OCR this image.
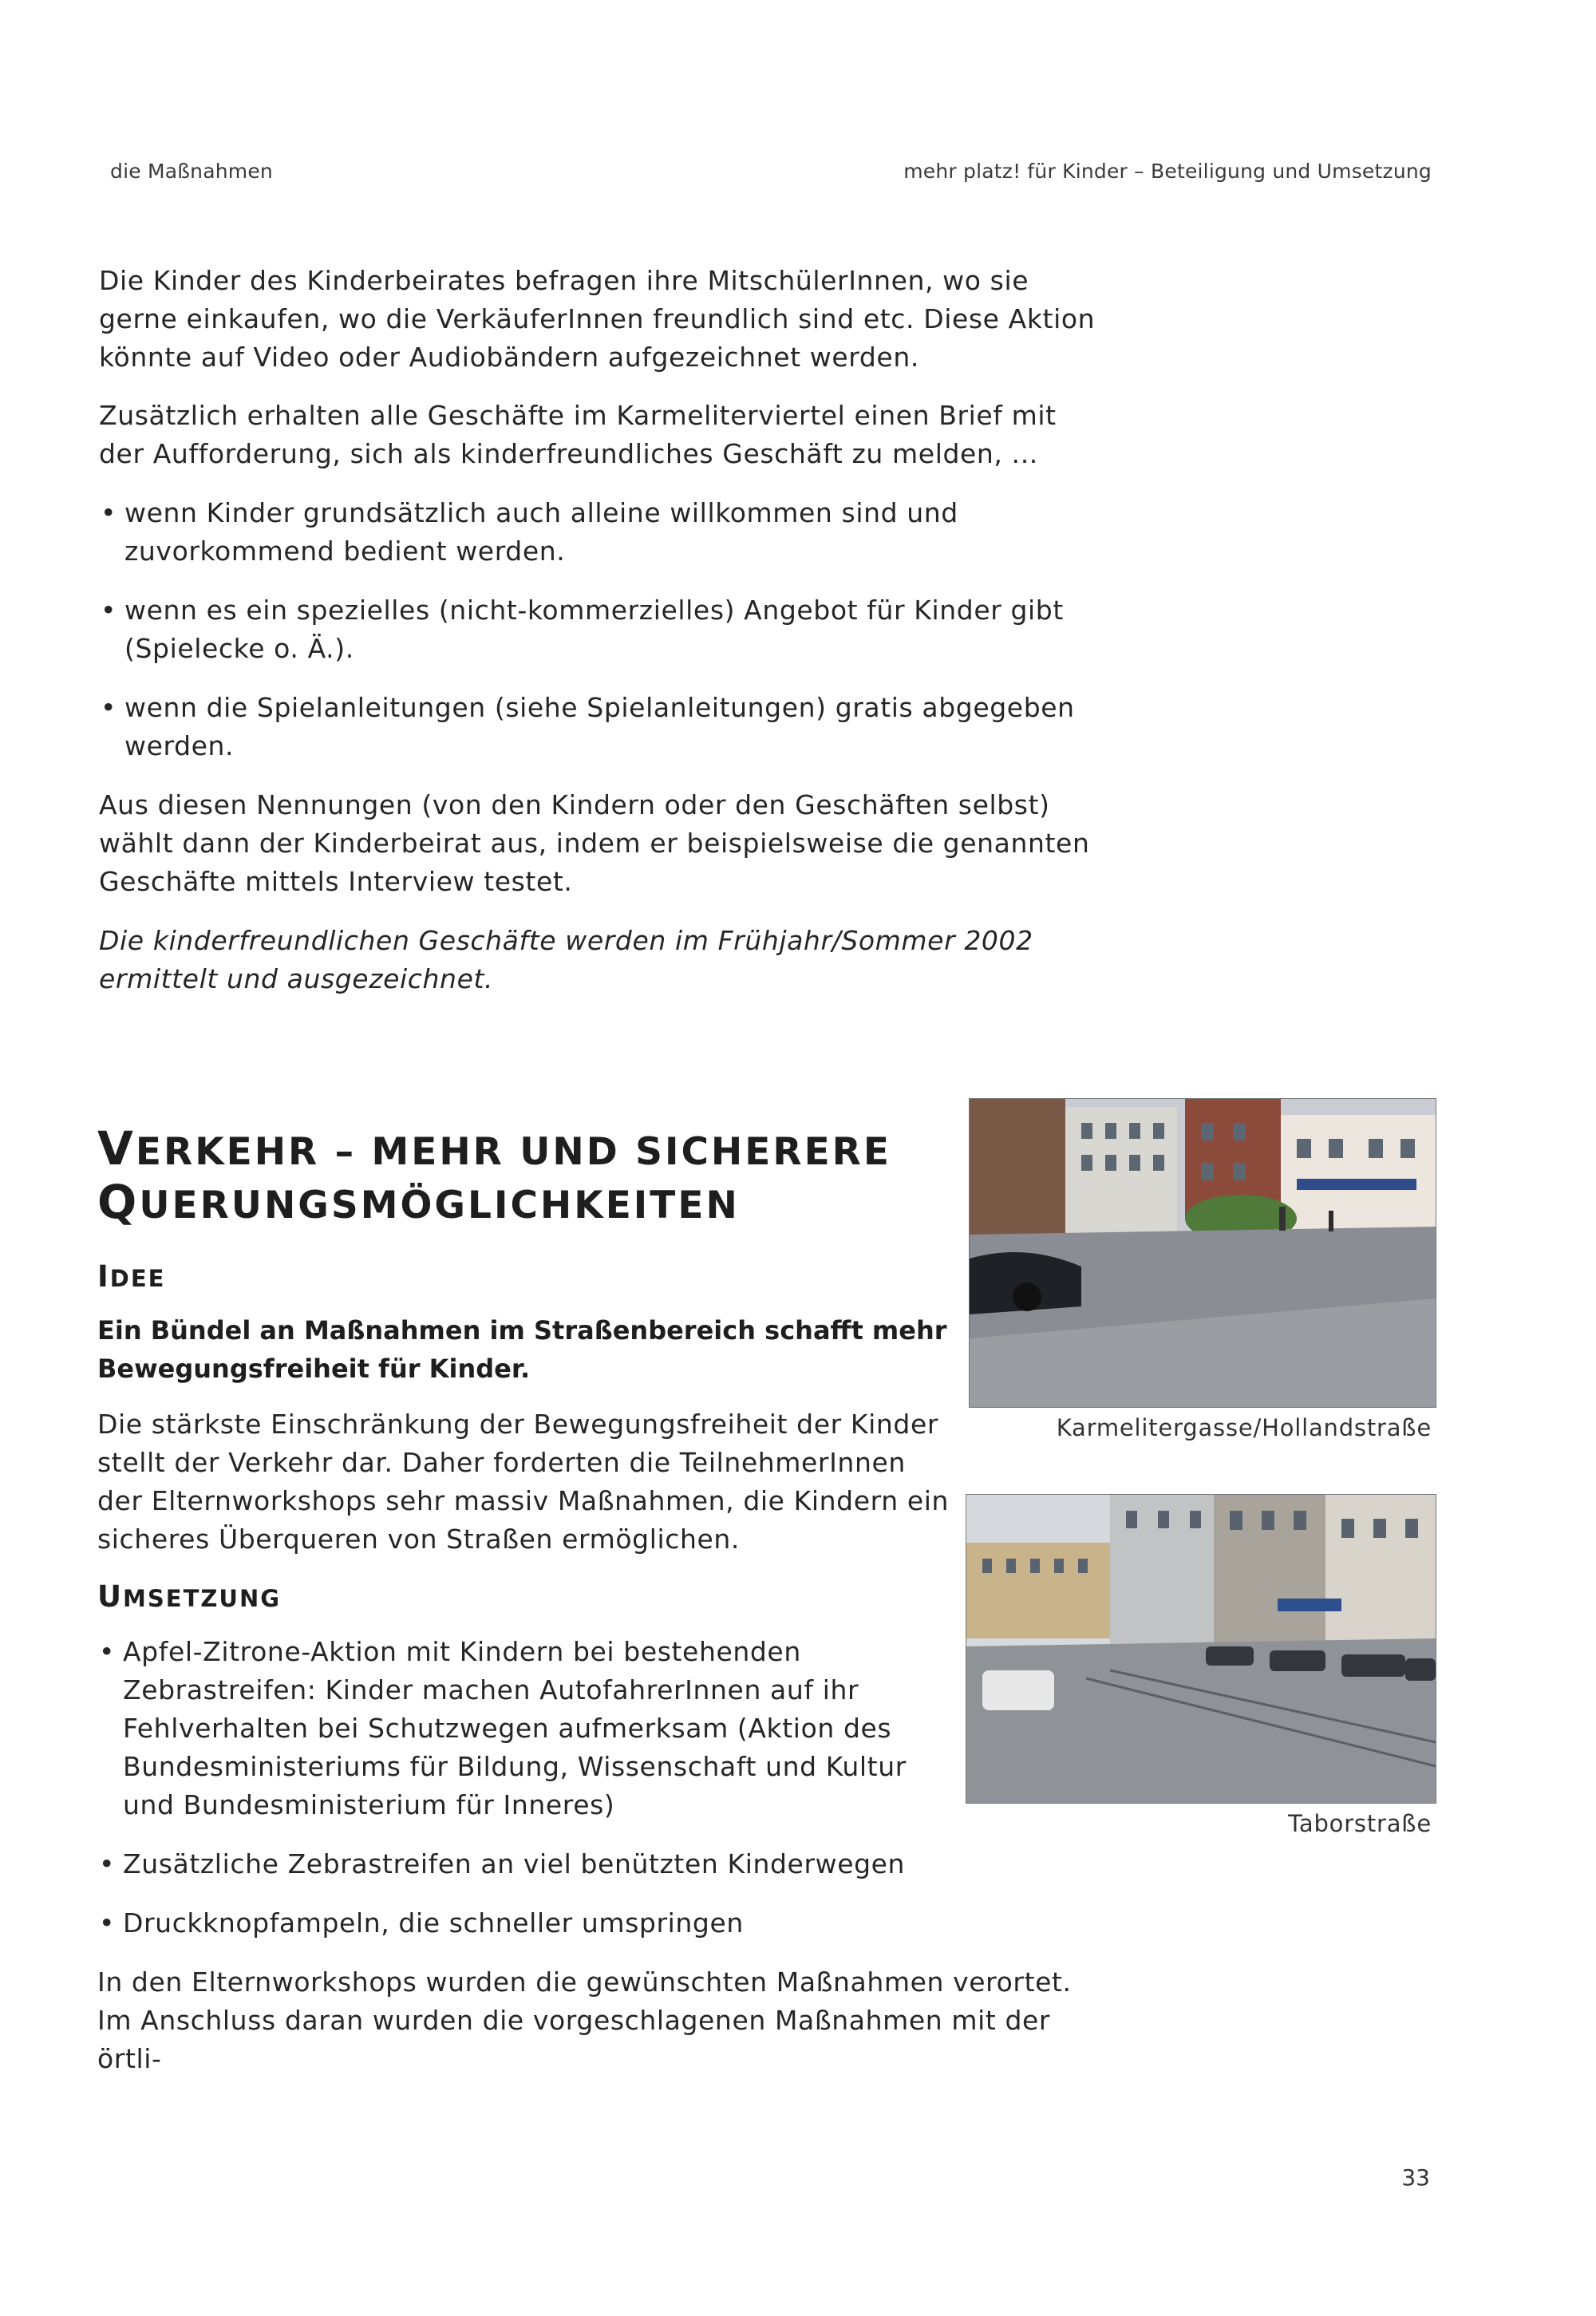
die Maßnahmen	mehr platz! für Kinder – Beteiligung und Umsetzung
Die Kinder des Kinderbeirates befragen ihre MitschülerInnen, wo sie gerne einkaufen, wo die VerkäuferInnen freundlich sind etc. Diese Aktion könnte auf Video oder Audiobändern aufgezeichnet werden.
Zusätzlich erhalten alle Geschäfte im Karmeliterviertel einen Brief mit der Aufforderung, sich als kinderfreundliches Geschäft zu melden, ...
• wenn Kinder grundsätzlich auch alleine willkommen sind und zuvorkommend bedient werden.
• wenn es ein spezielles (nicht-kommerzielles) Angebot für Kinder gibt (Spielecke o. Ä.).
• wenn die Spielanleitungen (siehe Spielanleitungen) gratis abgegeben werden.
Aus diesen Nennungen (von den Kindern oder den Geschäften selbst) wählt dann der Kinderbeirat aus, indem er beispielsweise die genannten Geschäfte mittels Interview testet.
Die kinderfreundlichen Geschäfte werden im Frühjahr/Sommer 2002 ermittelt und ausgezeichnet.
VERKEHR – MEHR UND SICHERERE
QUERUNGSMÖGLICHKEITEN
IDEE
Ein Bündel an Maßnahmen im Straßenbereich schafft mehr Bewegungsfreiheit für Kinder.
Die stärkste Einschränkung der Bewegungsfreiheit der Kinder stellt der Verkehr dar. Daher forderten die TeilnehmerInnen der Elternworkshops sehr massiv Maßnahmen, die Kindern ein sicheres Überqueren von Straßen ermöglichen.
UMSETZUNG
• Apfel-Zitrone-Aktion mit Kindern bei bestehenden Zebrastreifen: Kinder machen AutofahrerInnen auf ihr Fehlverhalten bei Schutzwegen aufmerksam (Aktion des Bundesministeriums für Bildung, Wissenschaft und Kultur und Bundesministerium für Inneres)
• Zusätzliche Zebrastreifen an viel benützten Kinderwegen
• Druckknopfampeln, die schneller umspringen
In den Elternworkshops wurden die gewünschten Maßnahmen verortet. Im Anschluss daran wurden die vorgeschlagenen Maßnahmen mit der örtli-
Karmelitergasse/Hollandstraße
Taborstraße
33
